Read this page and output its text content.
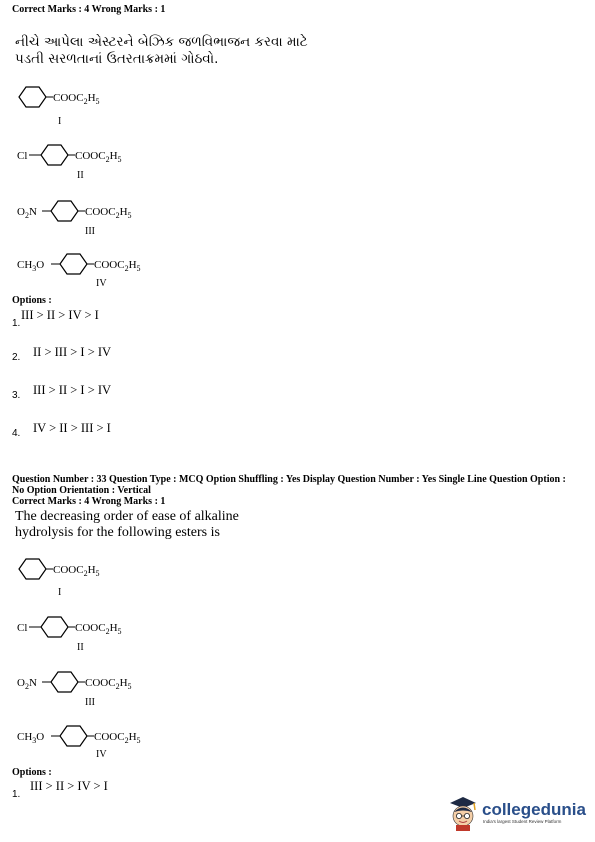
Correct Marks : 4 Wrong Marks : 1
નીચે આપેલા એસ્ટરને બેઝિક જળવિભાજન કરવા માટે
પડતી સરળતાનાં ઉતરતાક્રમમાં ગોઠવો.
$COOC_2H_5$
I
Cl	$COOC_2H_5$
II
$O_2N$	$COOC_2H_5$
III
$CH_3O$	$COOC_2H_5$
IV
Options :
1.
III > II > IV > I
2. II > III > I > IV
3. III > II > I > IV
4. IV > II > III > I
Question Number : 33 Question Type : MCQ Option Shuffling : Yes Display Question Number : Yes Single Line Question Option :
No Option Orientation : Vertical
Correct Marks : 4 Wrong Marks : 1
The decreasing order of ease of alkaline
hydrolysis for the following esters is
$COOC_2H_5$
I
Cl	$COOC_2H_5$
II
$O_2N$	$COOC_2H_5$
III
$CH_3O$	$COOC_2H_5$
IV
Options :
1.
III > II > IV > I
collegedunia
India's largest Student Review Platform
